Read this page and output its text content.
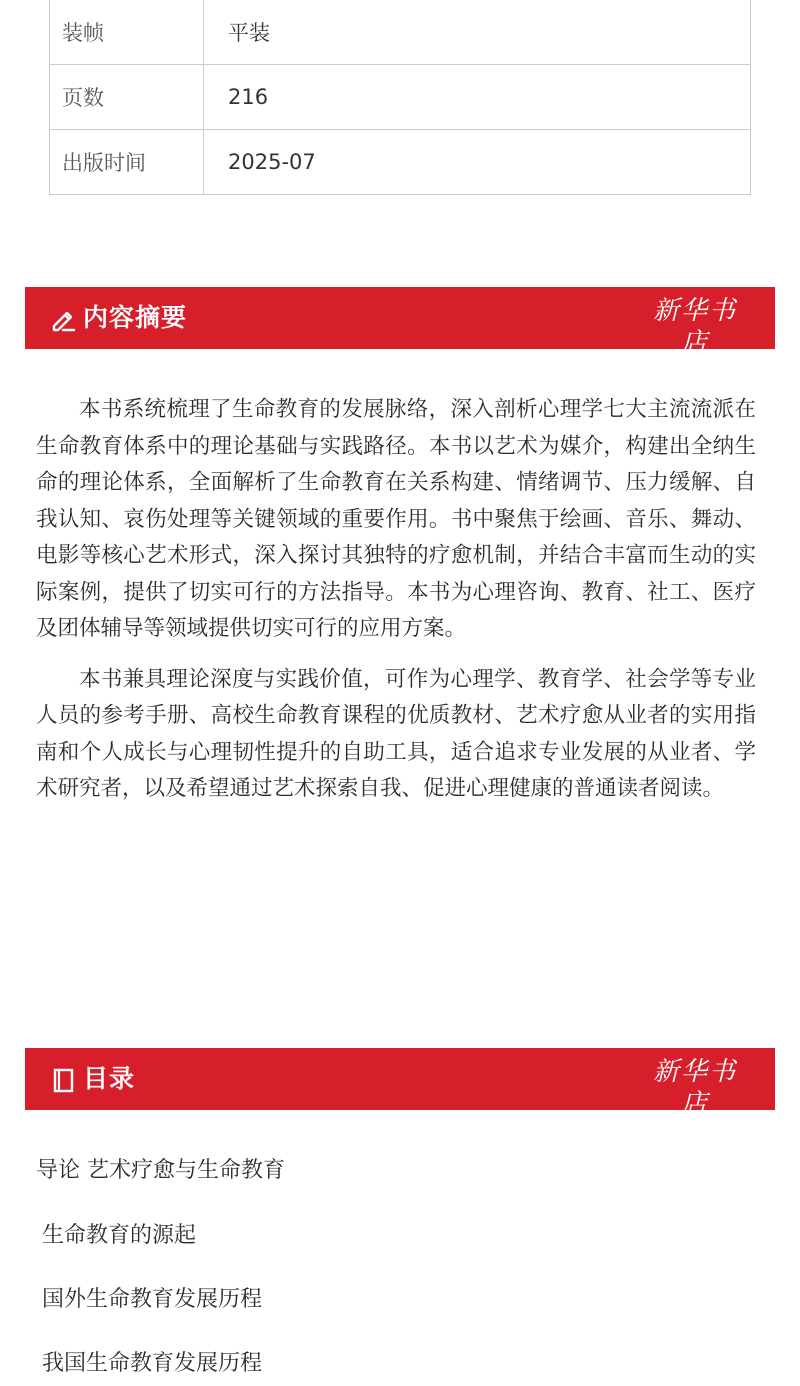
装帧	平装
页数	216
出版时间	2025-07
内容摘要	新华书店
XINHUA BOOKSTORE

本书系统梳理了生命教育的发展脉络，深入剖析心理学七大主流流派在生命教育体系中的理论基础与实践路径。本书以艺术为媒介，构建出全纳生命的理论体系，全面解析了生命教育在关系构建、情绪调节、压力缓解、自我认知、哀伤处理等关键领域的重要作用。书中聚焦于绘画、音乐、舞动、电影等核心艺术形式，深入探讨其独特的疗愈机制，并结合丰富而生动的实际案例，提供了切实可行的方法指导。本书为心理咨询、教育、社工、医疗及团体辅导等领域提供切实可行的应用方案。

本书兼具理论深度与实践价值，可作为心理学、教育学、社会学等专业人员的参考手册、高校生命教育课程的优质教材、艺术疗愈从业者的实用指南和个人成长与心理韧性提升的自助工具，适合追求专业发展的从业者、学术研究者，以及希望通过艺术探索自我、促进心理健康的普通读者阅读。

目录	新华书店
XINHUA BOOKSTORE
导论 艺术疗愈与生命教育
生命教育的源起
国外生命教育发展历程
我国生命教育发展历程
